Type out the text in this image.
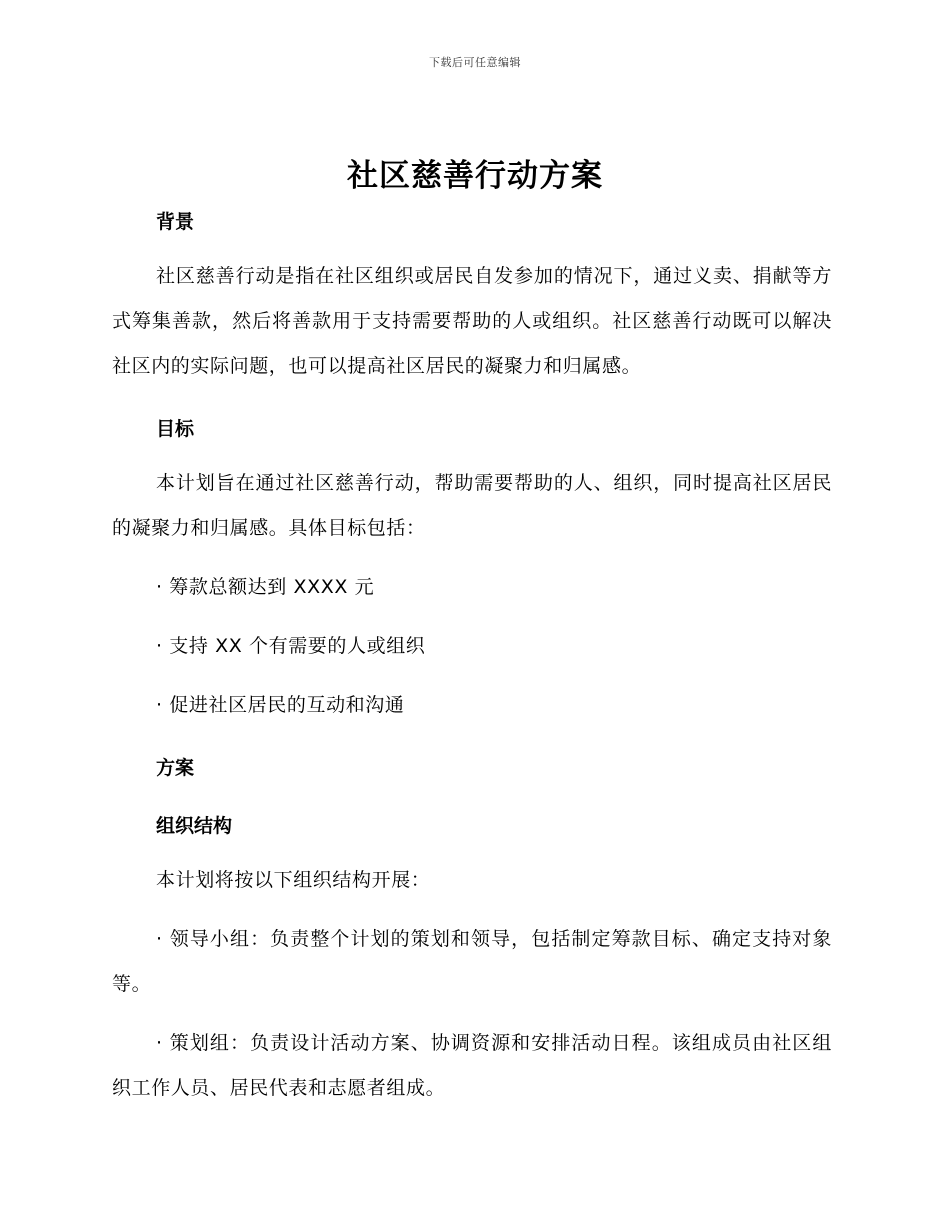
下载后可任意编辑
社区慈善行动方案
背景

社区慈善行动是指在社区组织或居民自发参加的情况下，通过义卖、捐献等方式筹集善款，然后将善款用于支持需要帮助的人或组织。社区慈善行动既可以解决社区内的实际问题，也可以提高社区居民的凝聚力和归属感。

目标

本计划旨在通过社区慈善行动，帮助需要帮助的人、组织，同时提高社区居民的凝聚力和归属感。具体目标包括：

· 筹款总额达到 XXXX 元

· 支持 XX 个有需要的人或组织

· 促进社区居民的互动和沟通

方案
组织结构

本计划将按以下组织结构开展：

· 领导小组：负责整个计划的策划和领导，包括制定筹款目标、确定支持对象等。

· 策划组：负责设计活动方案、协调资源和安排活动日程。该组成员由社区组织工作人员、居民代表和志愿者组成。
